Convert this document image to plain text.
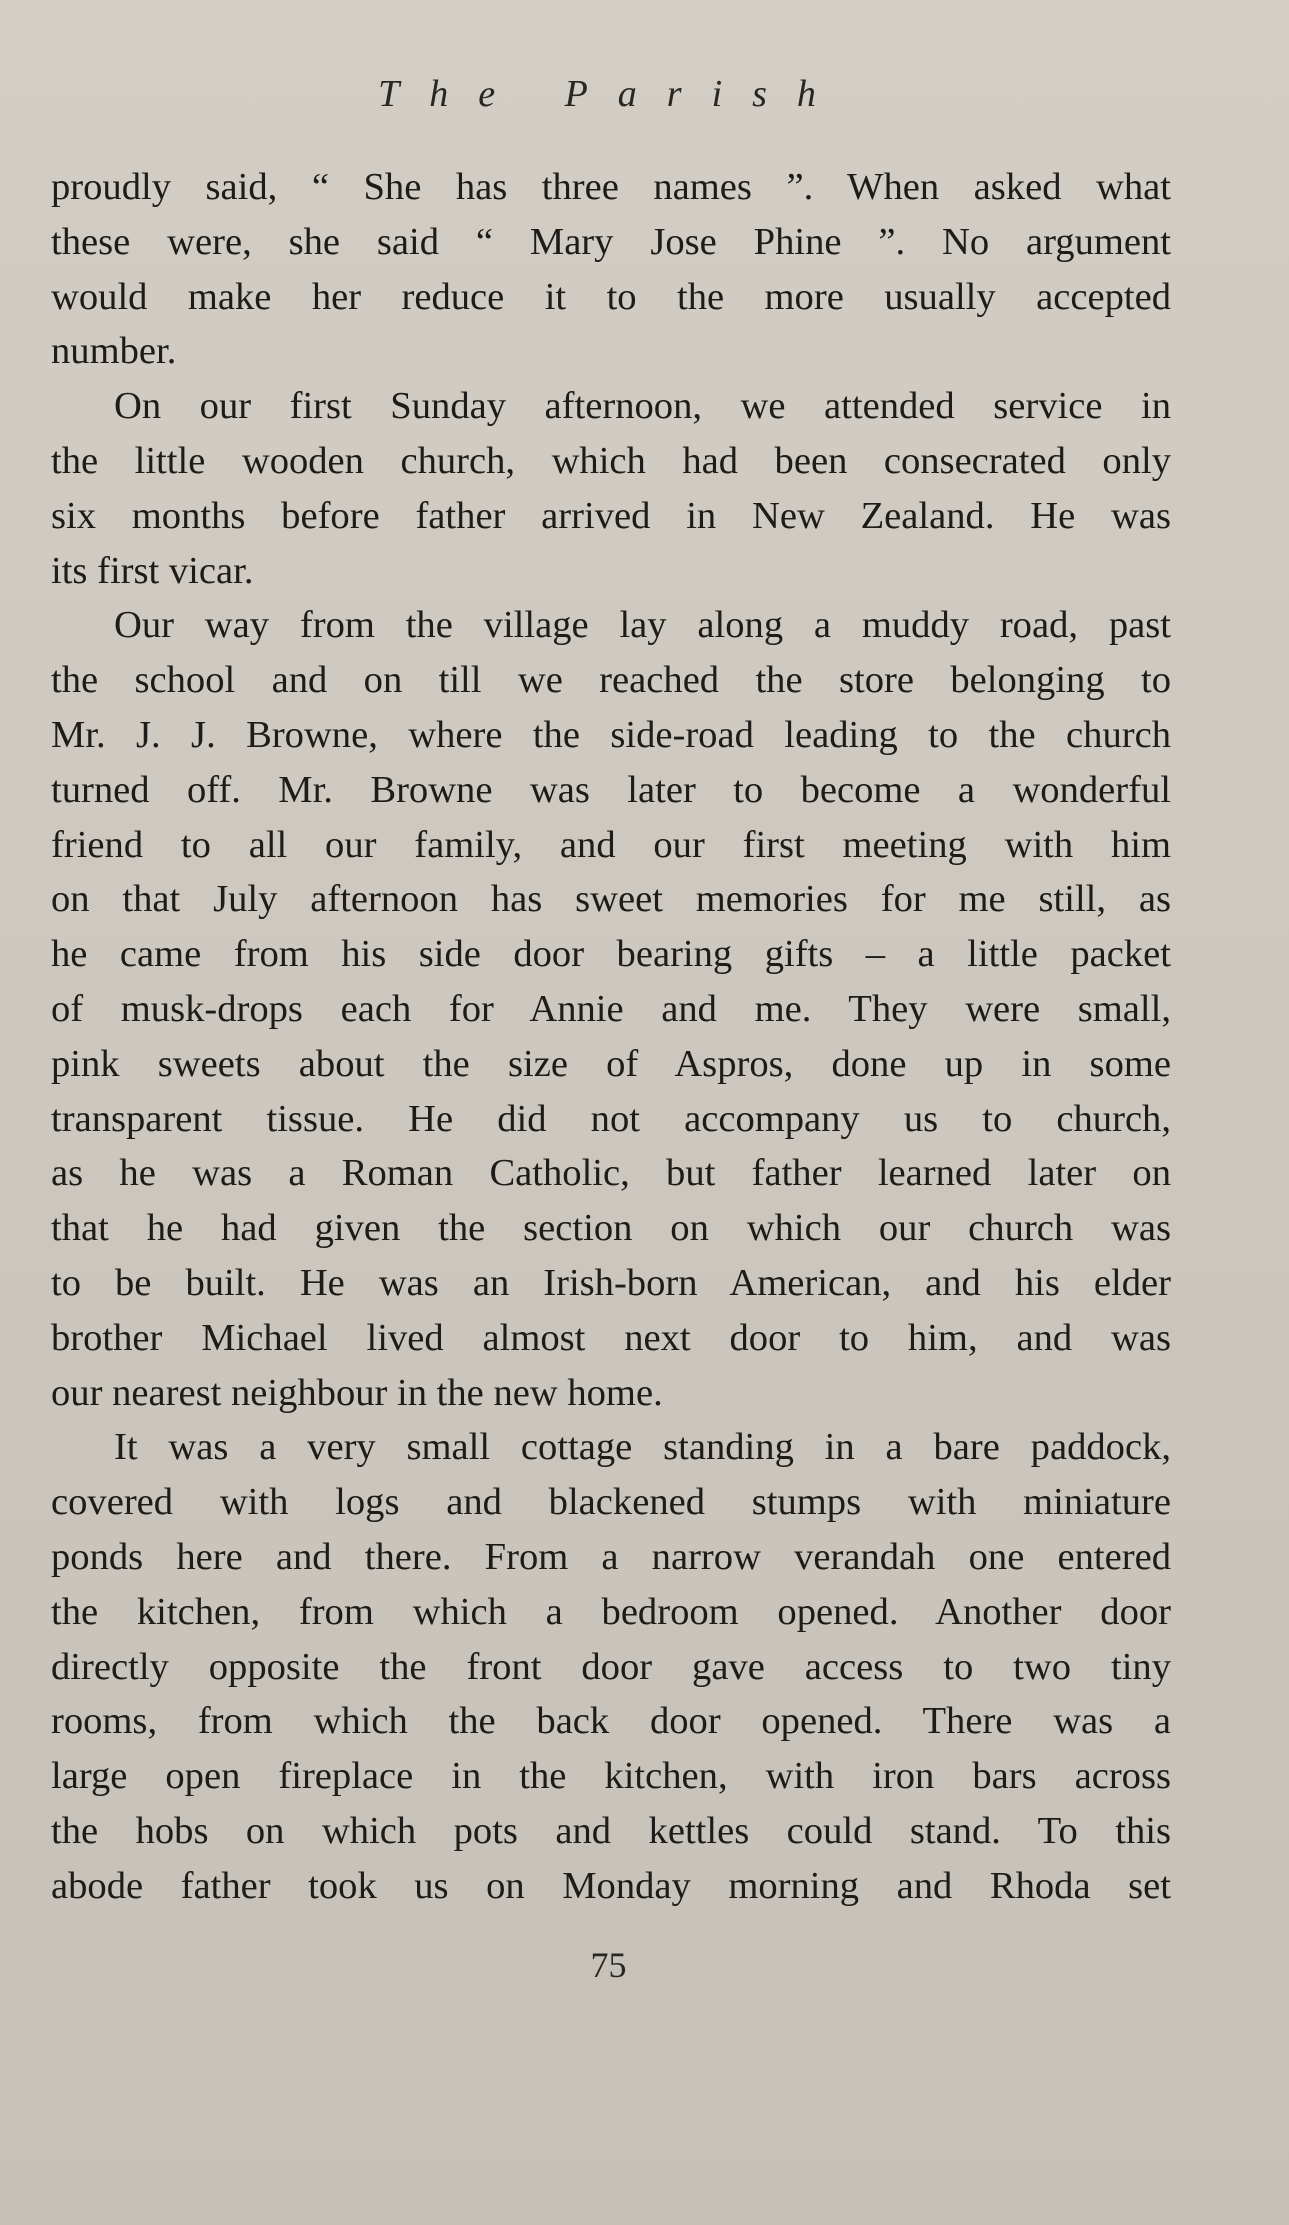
The Parish
proudly said, “ She has three names ”. When asked what
these were, she said “ Mary Jose Phine ”. No argument
would make her reduce it to the more usually accepted
number.
On our first Sunday afternoon, we attended service in
the little wooden church, which had been consecrated only
six months before father arrived in New Zealand. He was
its first vicar.
Our way from the village lay along a muddy road, past
the school and on till we reached the store belonging to
Mr. J. J. Browne, where the side-road leading to the church
turned off. Mr. Browne was later to become a wonderful
friend to all our family, and our first meeting with him
on that July afternoon has sweet memories for me still, as
he came from his side door bearing gifts – a little packet
of musk-drops each for Annie and me. They were small,
pink sweets about the size of Aspros, done up in some
transparent tissue. He did not accompany us to church,
as he was a Roman Catholic, but father learned later on
that he had given the section on which our church was
to be built. He was an Irish-born American, and his elder
brother Michael lived almost next door to him, and was
our nearest neighbour in the new home.
It was a very small cottage standing in a bare paddock,
covered with logs and blackened stumps with miniature
ponds here and there. From a narrow verandah one entered
the kitchen, from which a bedroom opened. Another door
directly opposite the front door gave access to two tiny
rooms, from which the back door opened. There was a
large open fireplace in the kitchen, with iron bars across
the hobs on which pots and kettles could stand. To this
abode father took us on Monday morning and Rhoda set
75
